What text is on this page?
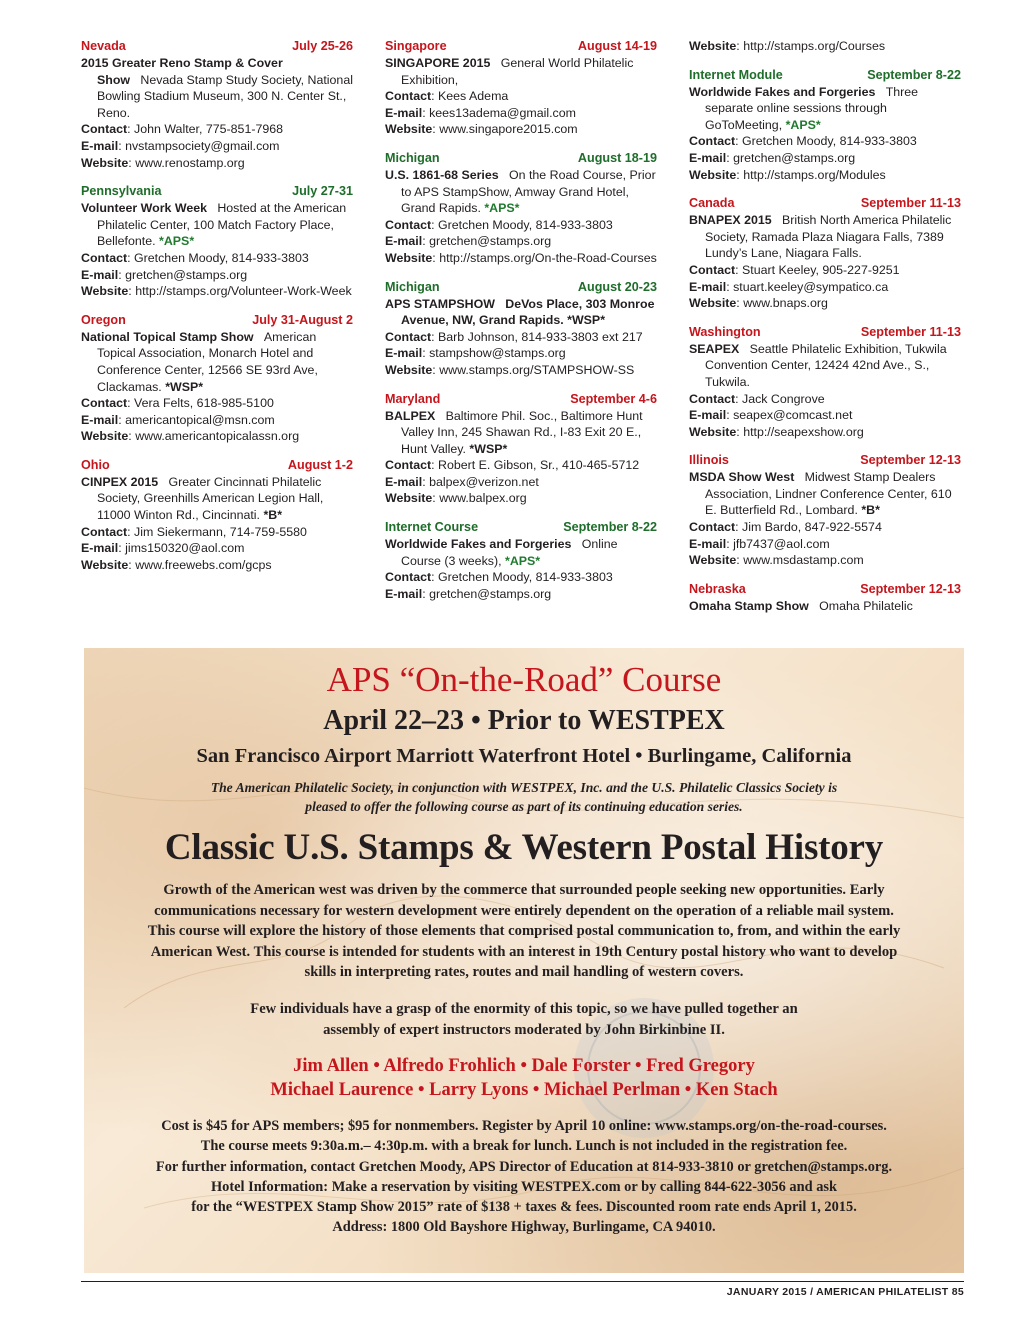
Nevada	July 25-26
2015 Greater Reno Stamp & Cover Show Nevada Stamp Study Society, National Bowling Stadium Museum, 300 N. Center St., Reno.
Contact: John Walter, 775-851-7968
E-mail: nvstampsociety@gmail.com
Website: www.renostamp.org
Pennsylvania	July 27-31
Volunteer Work Week Hosted at the American Philatelic Center, 100 Match Factory Place, Bellefonte. *APS*
Contact: Gretchen Moody, 814-933-3803
E-mail: gretchen@stamps.org
Website: http://stamps.org/Volunteer-Work-Week
Oregon	July 31-August 2
National Topical Stamp Show American Topical Association, Monarch Hotel and Conference Center, 12566 SE 93rd Ave, Clackamas. *WSP*
Contact: Vera Felts, 618-985-5100
E-mail: americantopical@msn.com
Website: www.americantopicalassn.org
Ohio	August 1-2
CINPEX 2015 Greater Cincinnati Philatelic Society, Greenhills American Legion Hall, 11000 Winton Rd., Cincinnati. *B*
Contact: Jim Siekermann, 714-759-5580
E-mail: jims150320@aol.com
Website: www.freewebs.com/gcps
Singapore	August 14-19
SINGAPORE 2015 General World Philatelic Exhibition,
Contact: Kees Adema
E-mail: kees13adema@gmail.com
Website: www.singapore2015.com
Michigan	August 18-19
U.S. 1861-68 Series On the Road Course, Prior to APS StampShow, Amway Grand Hotel, Grand Rapids. *APS*
Contact: Gretchen Moody, 814-933-3803
E-mail: gretchen@stamps.org
Website: http://stamps.org/On-the-Road-Courses
Michigan	August 20-23
APS STAMPSHOW DeVos Place, 303 Monroe Avenue, NW, Grand Rapids. *WSP*
Contact: Barb Johnson, 814-933-3803 ext 217
E-mail: stampshow@stamps.org
Website: www.stamps.org/STAMPSHOW-SS
Maryland	September 4-6
BALPEX Baltimore Phil. Soc., Baltimore Hunt Valley Inn, 245 Shawan Rd., I-83 Exit 20 E., Hunt Valley. *WSP*
Contact: Robert E. Gibson, Sr., 410-465-5712
E-mail: balpex@verizon.net
Website: www.balpex.org
Internet Course	September 8-22
Worldwide Fakes and Forgeries Online Course (3 weeks), *APS*
Contact: Gretchen Moody, 814-933-3803
E-mail: gretchen@stamps.org
Website: http://stamps.org/Courses
Internet Module	September 8-22
Worldwide Fakes and Forgeries Three separate online sessions through GoToMeeting, *APS*
Contact: Gretchen Moody, 814-933-3803
E-mail: gretchen@stamps.org
Website: http://stamps.org/Modules
Canada	September 11-13
BNAPEX 2015 British North America Philatelic Society, Ramada Plaza Niagara Falls, 7389 Lundy’s Lane, Niagara Falls.
Contact: Stuart Keeley, 905-227-9251
E-mail: stuart.keeley@sympatico.ca
Website: www.bnaps.org
Washington	September 11-13
SEAPEX Seattle Philatelic Exhibition, Tukwila Convention Center, 12424 42nd Ave., S., Tukwila.
Contact: Jack Congrove
E-mail: seapex@comcast.net
Website: http://seapexshow.org
Illinois	September 12-13
MSDA Show West Midwest Stamp Dealers Association, Lindner Conference Center, 610 E. Butterfield Rd., Lombard. *B*
Contact: Jim Bardo, 847-922-5574
E-mail: jfb7437@aol.com
Website: www.msdastamp.com
Nebraska	September 12-13
Omaha Stamp Show Omaha Philatelic
APS “On-the-Road” Course
April 22–23 • Prior to WESTPEX
San Francisco Airport Marriott Waterfront Hotel • Burlingame, California
The American Philatelic Society, in conjunction with WESTPEX, Inc. and the U.S. Philatelic Classics Society is pleased to offer the following course as part of its continuing education series.
Classic U.S. Stamps & Western Postal History
Growth of the American west was driven by the commerce that surrounded people seeking new opportunities. Early communications necessary for western development were entirely dependent on the operation of a reliable mail system. This course will explore the history of those elements that comprised postal communication to, from, and within the early American West. This course is intended for students with an interest in 19th Century postal history who want to develop skills in interpreting rates, routes and mail handling of western covers.
Few individuals have a grasp of the enormity of this topic, so we have pulled together an assembly of expert instructors moderated by John Birkinbine II.
Jim Allen • Alfredo Frohlich • Dale Forster • Fred Gregory
Michael Laurence • Larry Lyons • Michael Perlman • Ken Stach
Cost is $45 for APS members; $95 for nonmembers. Register by April 10 online: www.stamps.org/on-the-road-courses.
The course meets 9:30a.m.– 4:30p.m. with a break for lunch. Lunch is not included in the registration fee.
For further information, contact Gretchen Moody, APS Director of Education at 814-933-3810 or gretchen@stamps.org.
Hotel Information: Make a reservation by visiting WESTPEX.com or by calling 844-622-3056 and ask
for the “WESTPEX Stamp Show 2015” rate of $138 + taxes & fees. Discounted room rate ends April 1, 2015.
Address: 1800 Old Bayshore Highway, Burlingame, CA 94010.
JANUARY 2015 / AMERICAN PHILATELIST 85
